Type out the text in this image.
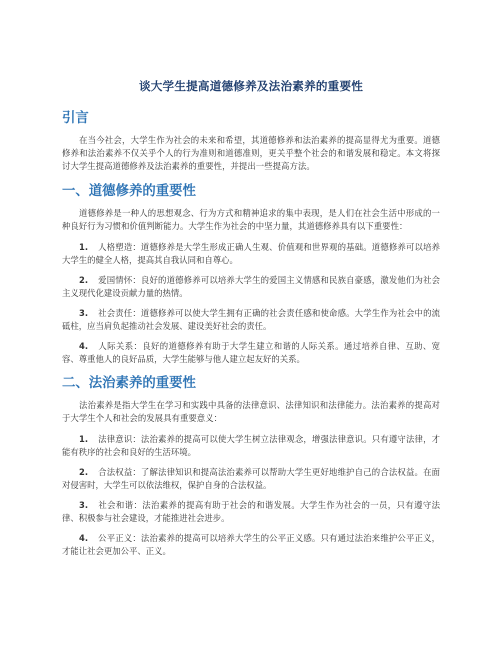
谈大学生提高道德修养及法治素养的重要性
引言
在当今社会，大学生作为社会的未来和希望，其道德修养和法治素养的提高显得尤为重要。道德修养和法治素养不仅关乎个人的行为准则和道德准则，更关乎整个社会的和谐发展和稳定。本文将探讨大学生提高道德修养及法治素养的重要性，并提出一些提高方法。
一、道德修养的重要性
道德修养是一种人的思想观念、行为方式和精神追求的集中表现，是人们在社会生活中形成的一种良好行为习惯和价值判断能力。大学生作为社会的中坚力量，其道德修养具有以下重要性：
1. 人格塑造：道德修养是大学生形成正确人生观、价值观和世界观的基础。道德修养可以培养大学生的健全人格，提高其自我认同和自尊心。
2. 爱国情怀：良好的道德修养可以培养大学生的爱国主义情感和民族自豪感，激发他们为社会主义现代化建设贡献力量的热情。
3. 社会责任：道德修养可以使大学生拥有正确的社会责任感和使命感。大学生作为社会中的流砥柱，应当肩负起推动社会发展、建设美好社会的责任。
4. 人际关系：良好的道德修养有助于大学生建立和谐的人际关系。通过培养自律、互助、宽容、尊重他人的良好品质，大学生能够与他人建立起友好的关系。
二、法治素养的重要性
法治素养是指大学生在学习和实践中具备的法律意识、法律知识和法律能力。法治素养的提高对于大学生个人和社会的发展具有重要意义：
1. 法律意识：法治素养的提高可以使大学生树立法律观念，增强法律意识。只有遵守法律，才能有秩序的社会和良好的生活环境。
2. 合法权益：了解法律知识和提高法治素养可以帮助大学生更好地维护自己的合法权益。在面对侵害时，大学生可以依法维权，保护自身的合法权益。
3. 社会和谐：法治素养的提高有助于社会的和谐发展。大学生作为社会的一员，只有遵守法律、积极参与社会建设，才能推进社会进步。
4. 公平正义：法治素养的提高可以培养大学生的公平正义感。只有通过法治来维护公平正义，才能让社会更加公平、正义。
